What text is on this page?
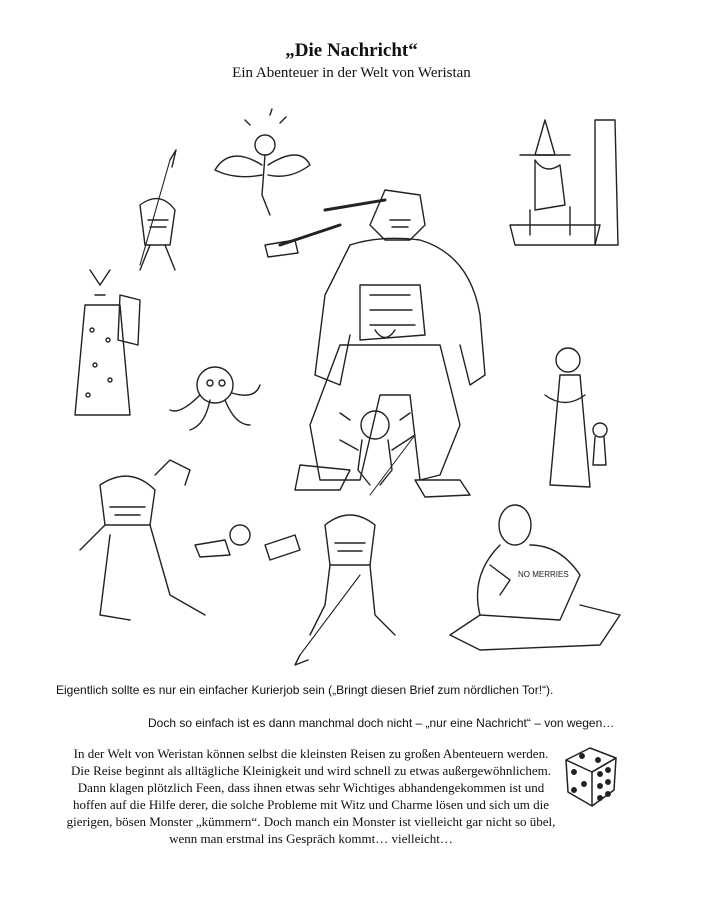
„Die Nachricht“
Ein Abenteuer in der Welt von Weristan
NO MERRIES
Eigentlich sollte es nur ein einfacher Kurierjob sein („Bringt diesen Brief zum nördlichen Tor!“).
Doch so einfach ist es dann manchmal doch nicht – „nur eine Nachricht“ – von wegen…
In der Welt von Weristan können selbst die kleinsten Reisen zu großen Abenteuern werden. Die Reise beginnt als alltägliche Kleinigkeit und wird schnell zu etwas außergewöhnlichem. Dann klagen plötzlich Feen, dass ihnen etwas sehr Wichtiges abhandengekommen ist und hoffen auf die Hilfe derer, die solche Probleme mit Witz und Charme lösen und sich um die gierigen, bösen Monster „kümmern“. Doch manch ein Monster ist vielleicht gar nicht so übel, wenn man erstmal ins Gespräch kommt… vielleicht…
